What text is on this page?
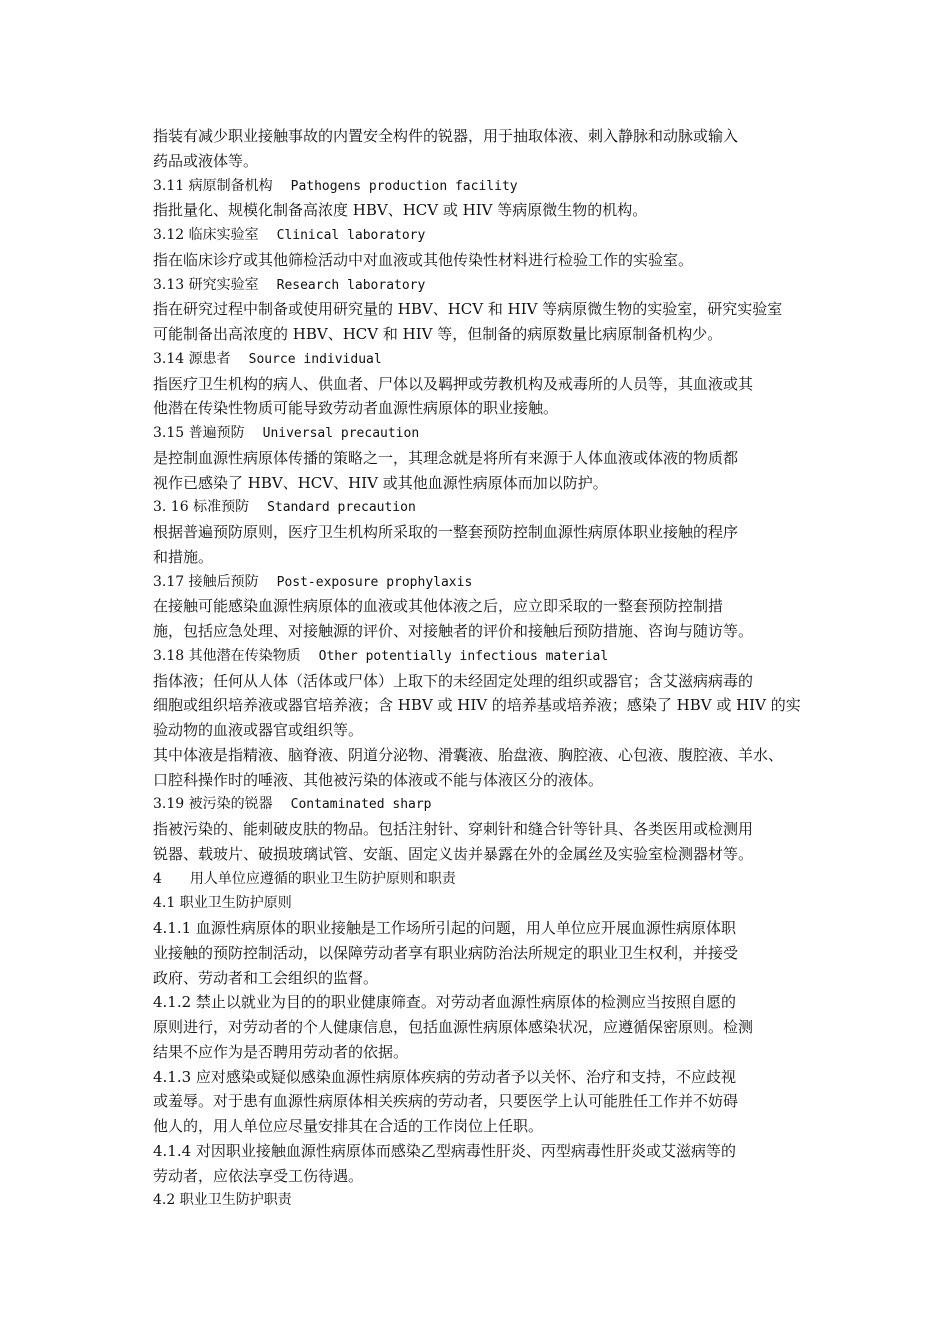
指装有减少职业接触事故的内置安全构件的锐器，用于抽取体液、刺入静脉和动脉或输入
药品或液体等。
3.11 病原制备机构 Pathogens production facility
指批量化、规模化制备高浓度 HBV、HCV 或 HIV 等病原微生物的机构。
3.12 临床实验室 Clinical laboratory
指在临床诊疗或其他筛检活动中对血液或其他传染性材料进行检验工作的实验室。
3.13 研究实验室 Research laboratory
指在研究过程中制备或使用研究量的 HBV、HCV 和 HIV 等病原微生物的实验室，研究实验室
可能制备出高浓度的 HBV、HCV 和 HIV 等，但制备的病原数量比病原制备机构少。
3.14 源患者 Source individual
指医疗卫生机构的病人、供血者、尸体以及羁押或劳教机构及戒毒所的人员等，其血液或其
他潜在传染性物质可能导致劳动者血源性病原体的职业接触。
3.15 普遍预防 Universal precaution
是控制血源性病原体传播的策略之一，其理念就是将所有来源于人体血液或体液的物质都
视作已感染了 HBV、HCV、HIV 或其他血源性病原体而加以防护。
3. 16 标准预防 Standard precaution
根据普遍预防原则，医疗卫生机构所采取的一整套预防控制血源性病原体职业接触的程序
和措施。
3.17 接触后预防 Post-exposure prophylaxis
在接触可能感染血源性病原体的血液或其他体液之后，应立即采取的一整套预防控制措
施，包括应急处理、对接触源的评价、对接触者的评价和接触后预防措施、咨询与随访等。
3.18 其他潜在传染物质 Other potentially infectious material
指体液；任何从人体（活体或尸体）上取下的未经固定处理的组织或器官；含艾滋病病毒的
细胞或组织培养液或器官培养液；含 HBV 或 HIV 的培养基或培养液；感染了 HBV 或 HIV 的实
验动物的血液或器官或组织等。
其中体液是指精液、脑脊液、阴道分泌物、滑囊液、胎盘液、胸腔液、心包液、腹腔液、羊水、
口腔科操作时的唾液、其他被污染的体液或不能与体液区分的液体。
3.19 被污染的锐器 Contaminated sharp
指被污染的、能刺破皮肤的物品。包括注射针、穿刺针和缝合针等针具、各类医用或检测用
锐器、载玻片、破损玻璃试管、安瓿、固定义齿并暴露在外的金属丝及实验室检测器材等。
4　　用人单位应遵循的职业卫生防护原则和职责
4.1 职业卫生防护原则
4.1.1 血源性病原体的职业接触是工作场所引起的问题，用人单位应开展血源性病原体职
业接触的预防控制活动，以保障劳动者享有职业病防治法所规定的职业卫生权利，并接受
政府、劳动者和工会组织的监督。
4.1.2 禁止以就业为目的的职业健康筛查。对劳动者血源性病原体的检测应当按照自愿的
原则进行，对劳动者的个人健康信息，包括血源性病原体感染状况，应遵循保密原则。检测
结果不应作为是否聘用劳动者的依据。
4.1.3 应对感染或疑似感染血源性病原体疾病的劳动者予以关怀、治疗和支持，不应歧视
或羞辱。对于患有血源性病原体相关疾病的劳动者，只要医学上认可能胜任工作并不妨碍
他人的，用人单位应尽量安排其在合适的工作岗位上任职。
4.1.4 对因职业接触血源性病原体而感染乙型病毒性肝炎、丙型病毒性肝炎或艾滋病等的
劳动者，应依法享受工伤待遇。
4.2 职业卫生防护职责
